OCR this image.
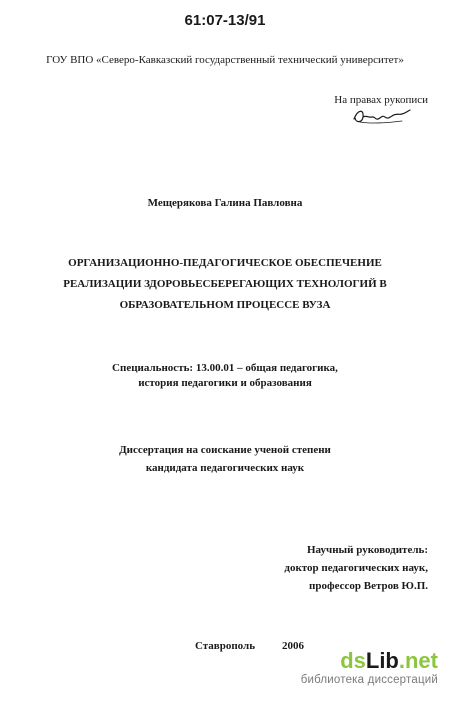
61:07-13/91
ГОУ ВПО «Северо-Кавказский государственный технический университет»
На правах рукописи
Мещерякова Галина Павловна
ОРГАНИЗАЦИОННО-ПЕДАГОГИЧЕСКОЕ ОБЕСПЕЧЕНИЕ
РЕАЛИЗАЦИИ ЗДОРОВЬЕСБЕРЕГАЮЩИХ ТЕХНОЛОГИЙ В
ОБРАЗОВАТЕЛЬНОМ ПРОЦЕССЕ ВУЗА
Специальность: 13.00.01 – общая педагогика,
история педагогики и образования
Диссертация на соискание ученой степени
кандидата педагогических наук
Научный руководитель:
доктор педагогических наук,
профессор Ветров Ю.П.
Ставрополь	2006
dsLib.net
библиотека диссертаций
